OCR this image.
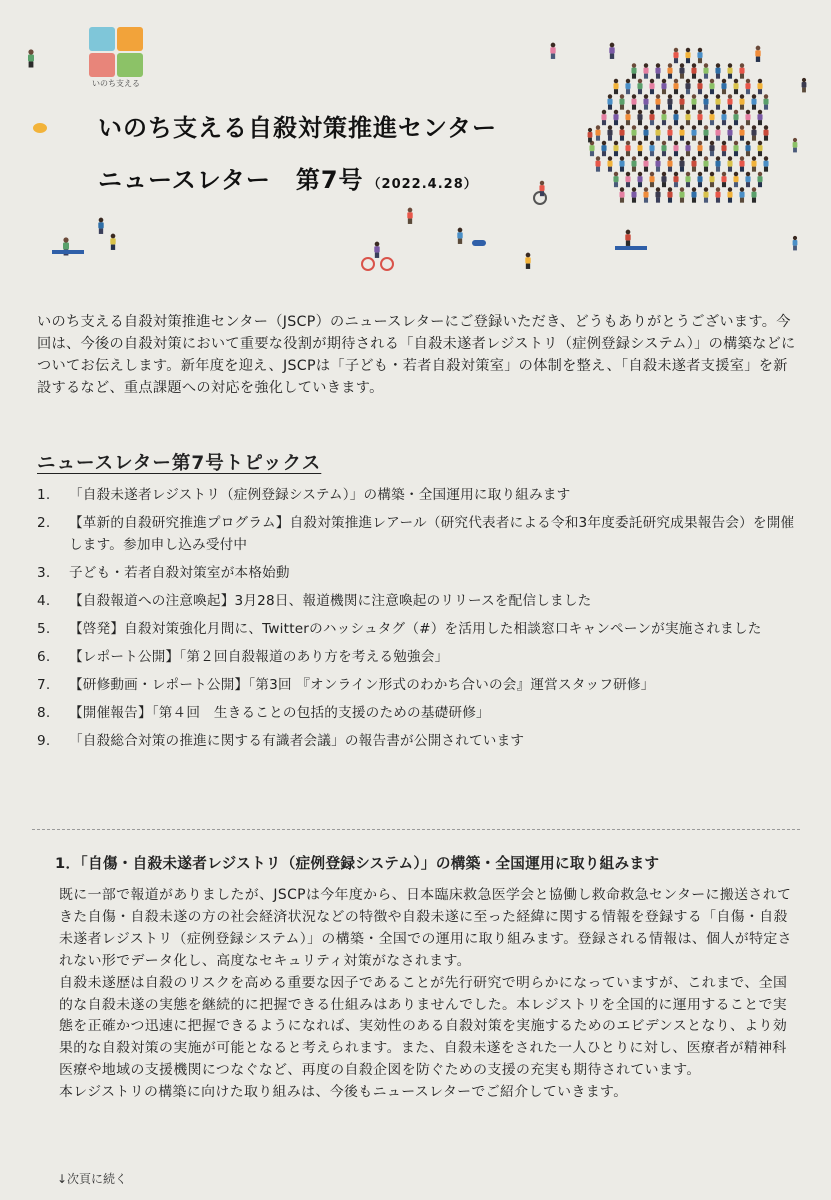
いのち支える
いのち支える自殺対策推進センター
ニュースレター　第7号 （2022.4.28）
いのち支える自殺対策推進センター（JSCP）のニュースレターにご登録いただき、どうもありがとうございます。今回は、今後の自殺対策において重要な役割が期待される「自殺未遂者レジストリ（症例登録システム）」の構築などについてお伝えします。新年度を迎え、JSCPは「子ども・若者自殺対策室」の体制を整え、「自殺未遂者支援室」を新設するなど、重点課題への対応を強化していきます。
ニュースレター第7号トピックス
1.	「自殺未遂者レジストリ（症例登録システム）」の構築・全国運用に取り組みます
2.	【革新的自殺研究推進プログラム】自殺対策推進レアール（研究代表者による令和3年度委託研究成果報告会）を開催します。参加申し込み受付中
3.	子ども・若者自殺対策室が本格始動
4.	【自殺報道への注意喚起】3月28日、報道機関に注意喚起のリリースを配信しました
5.	【啓発】自殺対策強化月間に、Twitterのハッシュタグ（#）を活用した相談窓口キャンペーンが実施されました
6.	【レポート公開】「第２回自殺報道のあり方を考える勉強会」
7.	【研修動画・レポート公開】「第3回 『オンライン形式のわかち合いの会』運営スタッフ研修」
8.	【開催報告】「第４回　生きることの包括的支援のための基礎研修」
9.	「自殺総合対策の推進に関する有識者会議」の報告書が公開されています
1．「自傷・自殺未遂者レジストリ（症例登録システム）」の構築・全国運用に取り組みます

既に一部で報道がありましたが、JSCPは今年度から、日本臨床救急医学会と協働し救命救急センターに搬送されてきた自傷・自殺未遂の方の社会経済状況などの特徴や自殺未遂に至った経緯に関する情報を登録する「自傷・自殺未遂者レジストリ（症例登録システム）」の構築・全国での運用に取り組みます。登録される情報は、個人が特定されない形でデータ化し、高度なセキュリティ対策がなされます。

自殺未遂歴は自殺のリスクを高める重要な因子であることが先行研究で明らかになっていますが、これまで、全国的な自殺未遂の実態を継続的に把握できる仕組みはありませんでした。本レジストリを全国的に運用することで実態を正確かつ迅速に把握できるようになれば、実効性のある自殺対策を実施するためのエビデンスとなり、より効果的な自殺対策の実施が可能となると考えられます。また、自殺未遂をされた一人ひとりに対し、医療者が精神科医療や地域の支援機関につなぐなど、再度の自殺企図を防ぐための支援の充実も期待されています。

本レジストリの構築に向けた取り組みは、今後もニュースレターでご紹介していきます。

↓次頁に続く
